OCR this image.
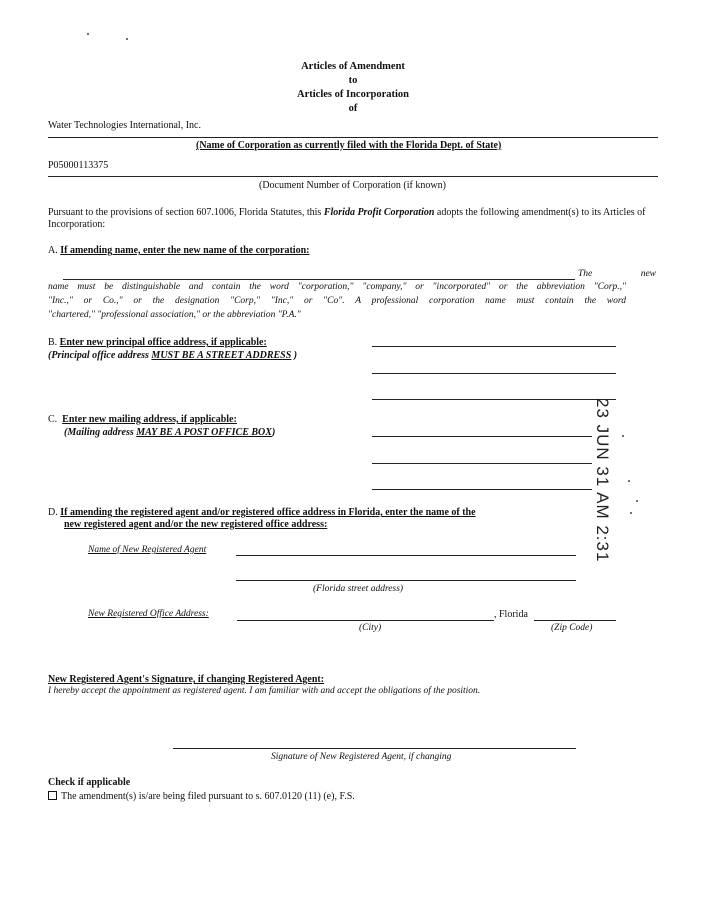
Articles of Amendment
to
Articles of Incorporation
of
Water Technologies International, Inc.
(Name of Corporation as currently filed with the Florida Dept. of State)
P05000113375
(Document Number of Corporation (if known)
Pursuant to the provisions of section 607.1006, Florida Statutes, this Florida Profit Corporation adopts the following amendment(s) to its Articles of Incorporation:
A. If amending name, enter the new name of the corporation:
The new
name must be distinguishable and contain the word "corporation," "company," or "incorporated" or the abbreviation "Corp.,"
"Inc.," or Co.," or the designation "Corp," "Inc," or "Co". A professional corporation name must contain the word
"chartered," "professional association," or the abbreviation "P.A."
B. Enter new principal office address, if applicable:
(Principal office address MUST BE A STREET ADDRESS )
C. Enter new mailing address, if applicable:
(Mailing address MAY BE A POST OFFICE BOX)	23 JUN 31 AM 2:31
D. If amending the registered agent and/or registered office address in Florida, enter the name of the
new registered agent and/or the new registered office address:
Name of New Registered Agent
(Florida street address)
New Registered Office Address:	, Florida
(City)	(Zip Code)
New Registered Agent's Signature, if changing Registered Agent:
I hereby accept the appointment as registered agent. I am familiar with and accept the obligations of the position.
Signature of New Registered Agent, if changing
Check if applicable
The amendment(s) is/are being filed pursuant to s. 607.0120 (11) (e), F.S.
